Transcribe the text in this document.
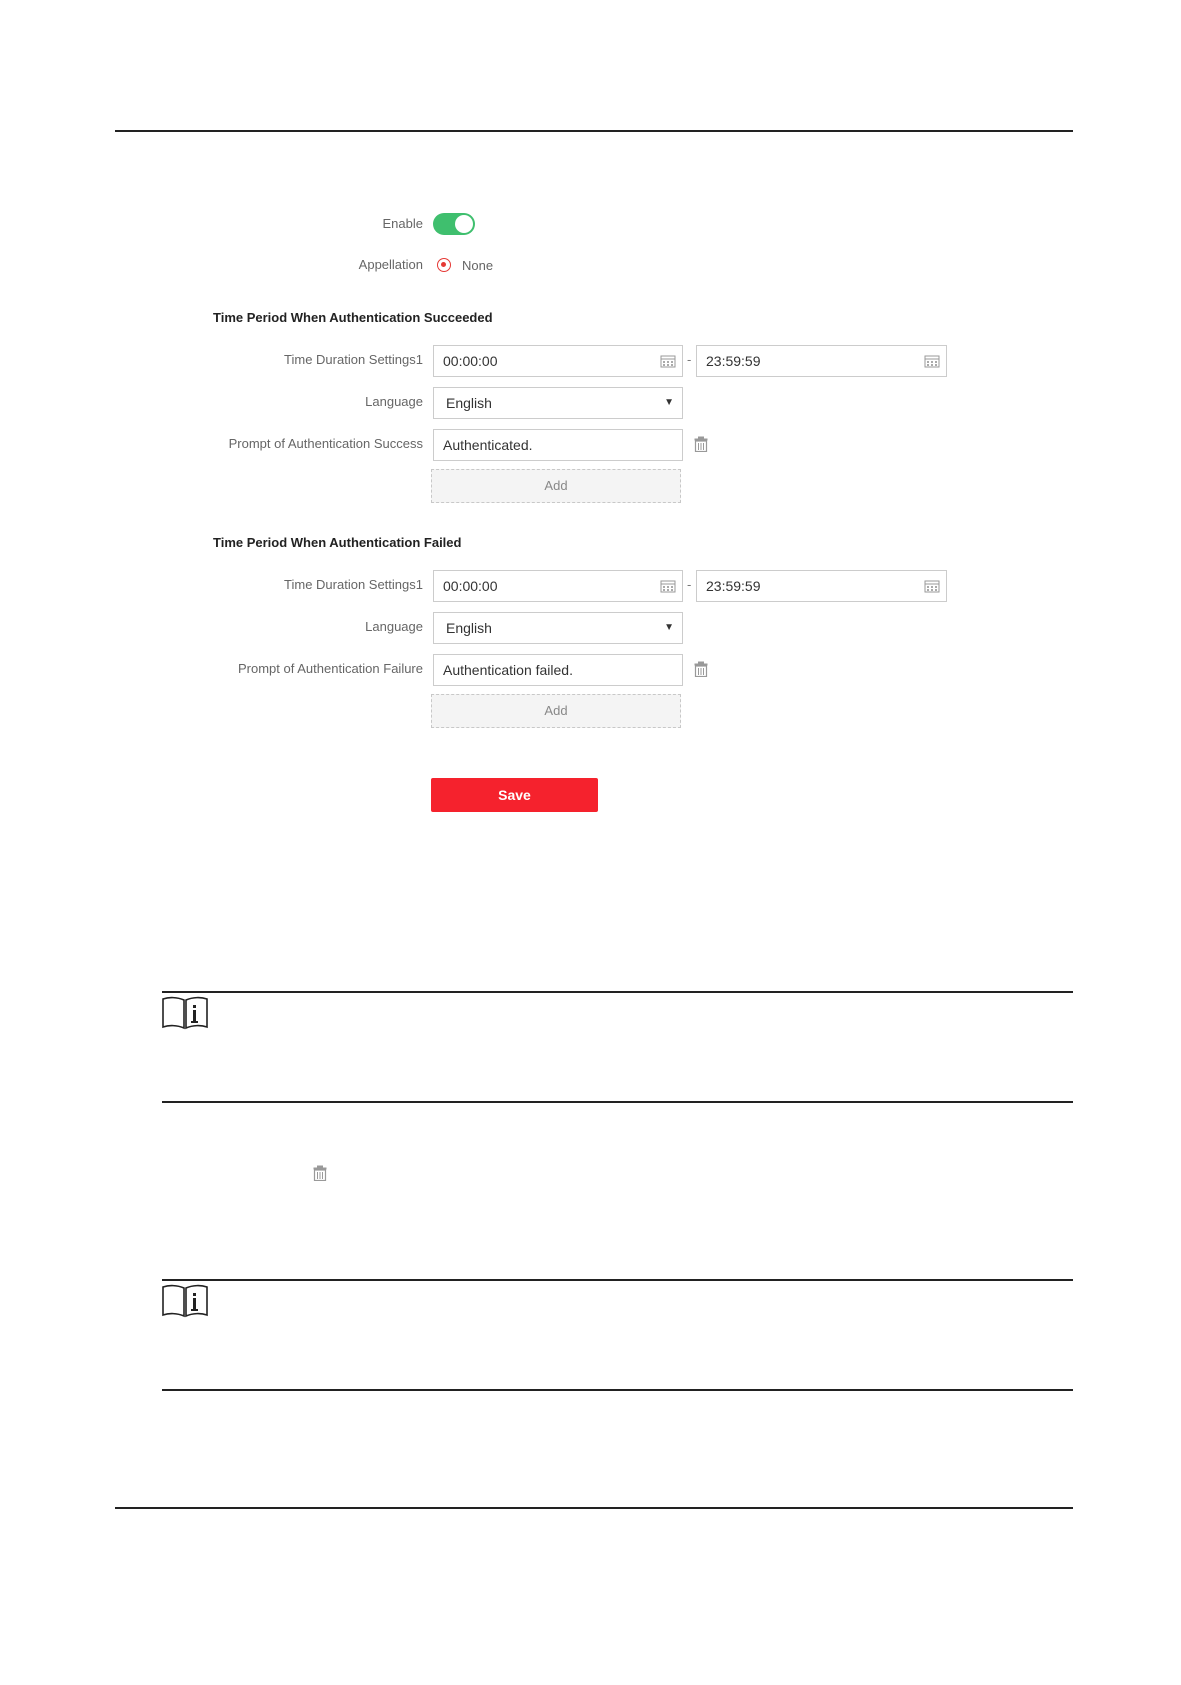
Enable
Appellation	None
Time Period When Authentication Succeeded
Time Duration Settings1	00:00:00	-	23:59:59
Language	English	▼
Prompt of Authentication Success	Authenticated.
Add
Time Period When Authentication Failed
Time Duration Settings1	00:00:00	-	23:59:59
Language	English	▼
Prompt of Authentication Failure	Authentication failed.
Add
Save
